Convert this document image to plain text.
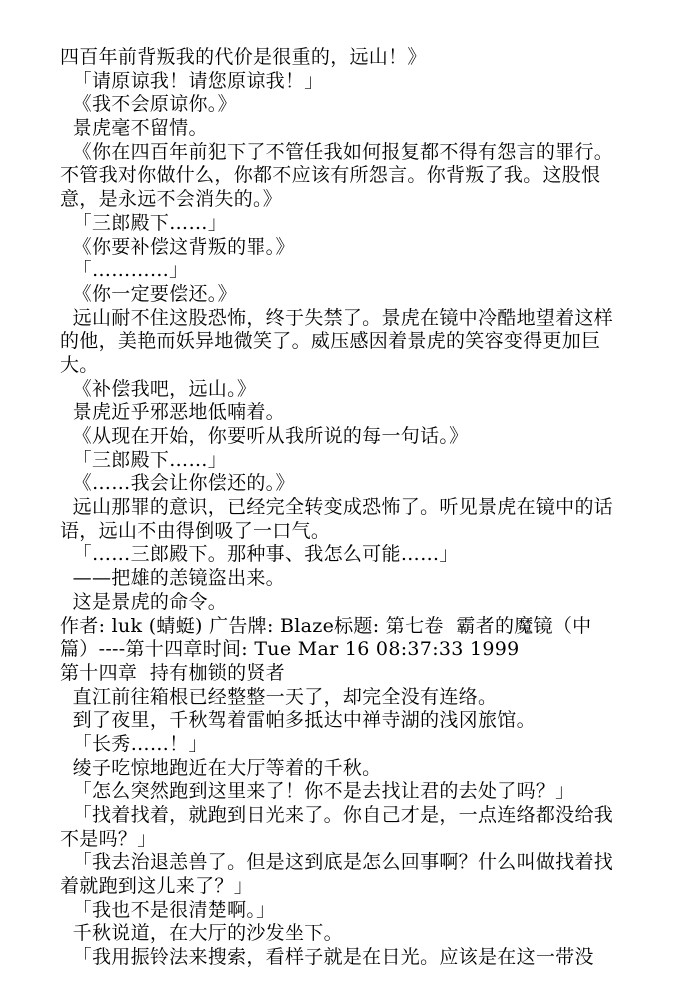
四百年前背叛我的代价是很重的，远山！》
「请原谅我！请您原谅我！」
《我不会原谅你。》
景虎毫不留情。
《你在四百年前犯下了不管任我如何报复都不得有怨言的罪行。
不管我对你做什么，你都不应该有所怨言。你背叛了我。这股恨
意，是永远不会消失的。》
「三郎殿下……」
《你要补偿这背叛的罪。》
「…………」
《你一定要偿还。》
远山耐不住这股恐怖，终于失禁了。景虎在镜中冷酷地望着这样
的他，美艳而妖异地微笑了。威压感因着景虎的笑容变得更加巨
大。
《补偿我吧，远山。》
景虎近乎邪恶地低喃着。
《从现在开始，你要听从我所说的每一句话。》
「三郎殿下……」
《……我会让你偿还的。》
远山那罪的意识，已经完全转变成恐怖了。听见景虎在镜中的话
语，远山不由得倒吸了一口气。
「……三郎殿下。那种事、我怎么可能……」
——把雄的恙镜盗出来。
这是景虎的命令。
作者: luk (蜻蜓) 广告牌: Blaze标题: 第七卷  霸者的魔镜（中
篇）----第十四章时间: Tue Mar 16 08:37:33 1999
第十四章  持有枷锁的贤者
直江前往箱根已经整整一天了，却完全没有连络。
到了夜里，千秋驾着雷帕多抵达中禅寺湖的浅冈旅馆。
「长秀……！」
绫子吃惊地跑近在大厅等着的千秋。
「怎么突然跑到这里来了！你不是去找让君的去处了吗？」
「找着找着，就跑到日光来了。你自己才是，一点连络都没给我
不是吗？」
「我去治退恙兽了。但是这到底是怎么回事啊？什么叫做找着找
着就跑到这儿来了？」
「我也不是很清楚啊。」
千秋说道，在大厅的沙发坐下。
「我用振铃法来搜索，看样子就是在日光。应该是在这一带没
